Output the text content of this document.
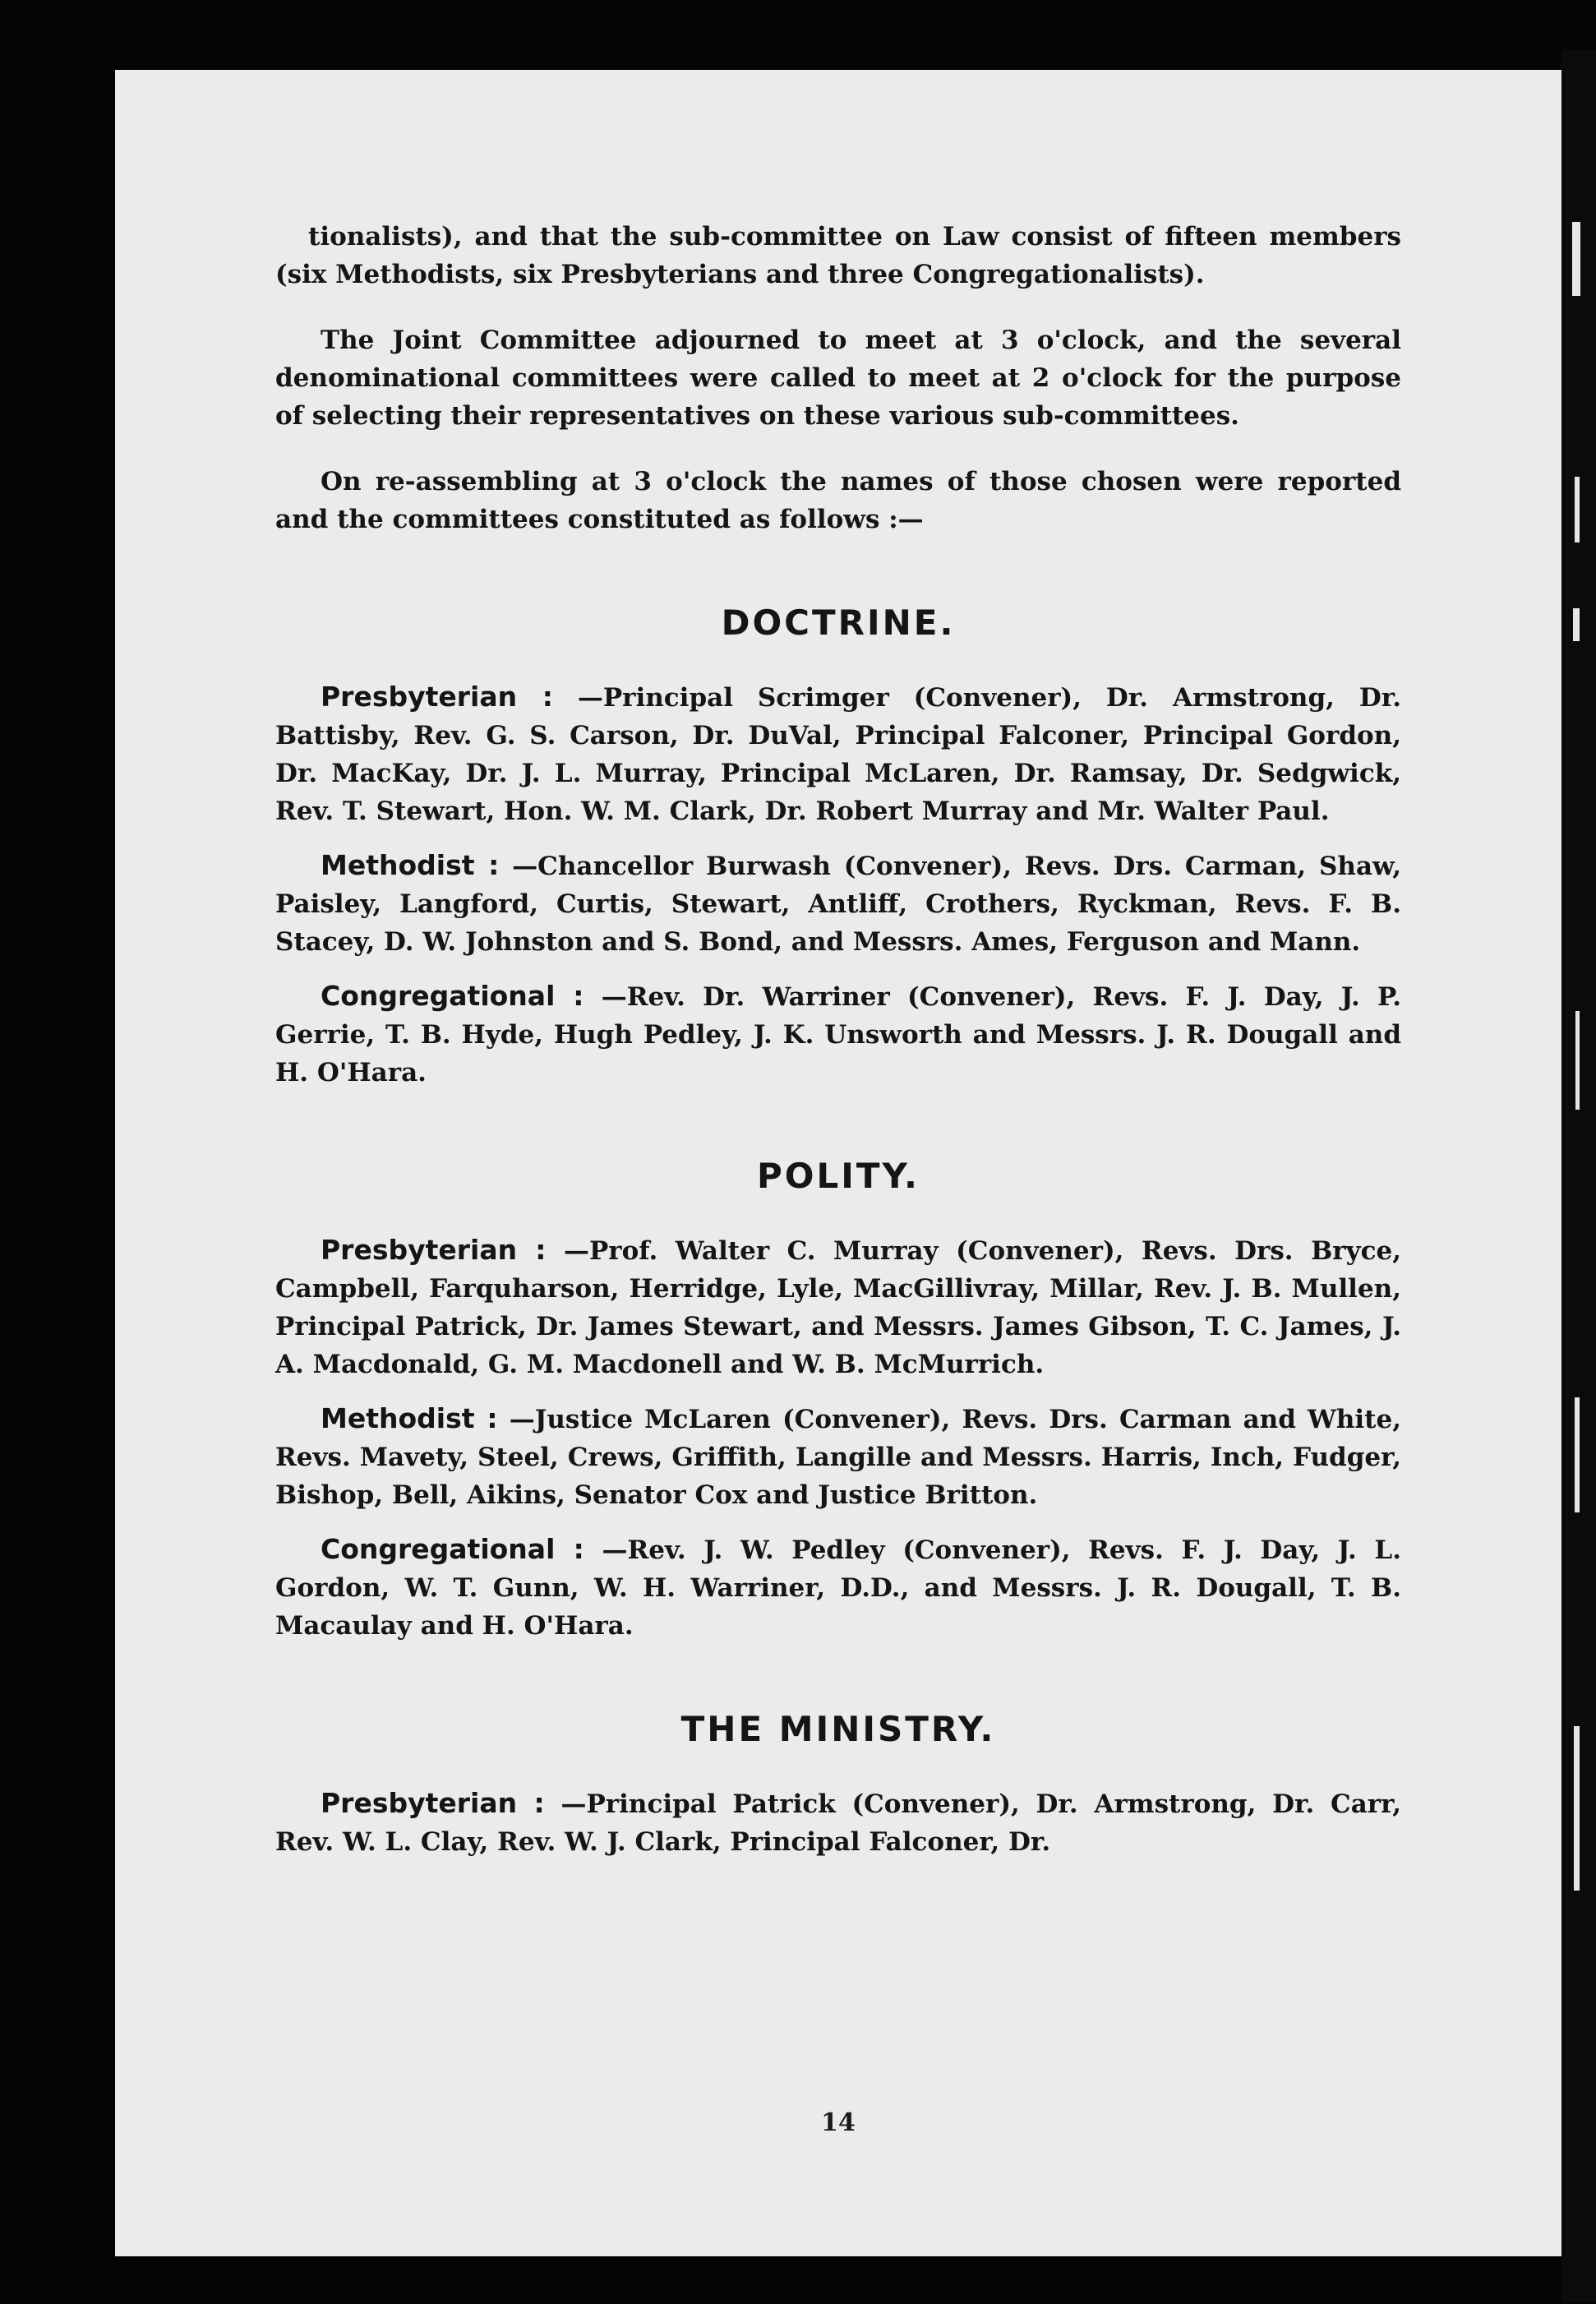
tionalists), and that the sub-committee on Law consist of fifteen members (six Methodists, six Presbyterians and three Congregationalists).

The Joint Committee adjourned to meet at 3 o'clock, and the several denominational committees were called to meet at 2 o'clock for the purpose of selecting their representatives on these various sub-committees.

On re-assembling at 3 o'clock the names of those chosen were reported and the committees constituted as follows :—

DOCTRINE.

Presbyterian : —Principal Scrimger (Convener), Dr. Armstrong, Dr. Battisby, Rev. G. S. Carson, Dr. DuVal, Principal Falconer, Principal Gordon, Dr. MacKay, Dr. J. L. Murray, Principal McLaren, Dr. Ramsay, Dr. Sedgwick, Rev. T. Stewart, Hon. W. M. Clark, Dr. Robert Murray and Mr. Walter Paul.

Methodist : —Chancellor Burwash (Convener), Revs. Drs. Carman, Shaw, Paisley, Langford, Curtis, Stewart, Antliff, Crothers, Ryckman, Revs. F. B. Stacey, D. W. Johnston and S. Bond, and Messrs. Ames, Ferguson and Mann.

Congregational : —Rev. Dr. Warriner (Convener), Revs. F. J. Day, J. P. Gerrie, T. B. Hyde, Hugh Pedley, J. K. Unsworth and Messrs. J. R. Dougall and H. O'Hara.

POLITY.

Presbyterian : —Prof. Walter C. Murray (Convener), Revs. Drs. Bryce, Campbell, Farquharson, Herridge, Lyle, MacGillivray, Millar, Rev. J. B. Mullen, Principal Patrick, Dr. James Stewart, and Messrs. James Gibson, T. C. James, J. A. Macdonald, G. M. Macdonell and W. B. McMurrich.

Methodist : —Justice McLaren (Convener), Revs. Drs. Carman and White, Revs. Mavety, Steel, Crews, Griffith, Langille and Messrs. Harris, Inch, Fudger, Bishop, Bell, Aikins, Senator Cox and Justice Britton.

Congregational : —Rev. J. W. Pedley (Convener), Revs. F. J. Day, J. L. Gordon, W. T. Gunn, W. H. Warriner, D.D., and Messrs. J. R. Dougall, T. B. Macaulay and H. O'Hara.

THE MINISTRY.

Presbyterian : —Principal Patrick (Convener), Dr. Armstrong, Dr. Carr, Rev. W. L. Clay, Rev. W. J. Clark, Principal Falconer, Dr.

14
